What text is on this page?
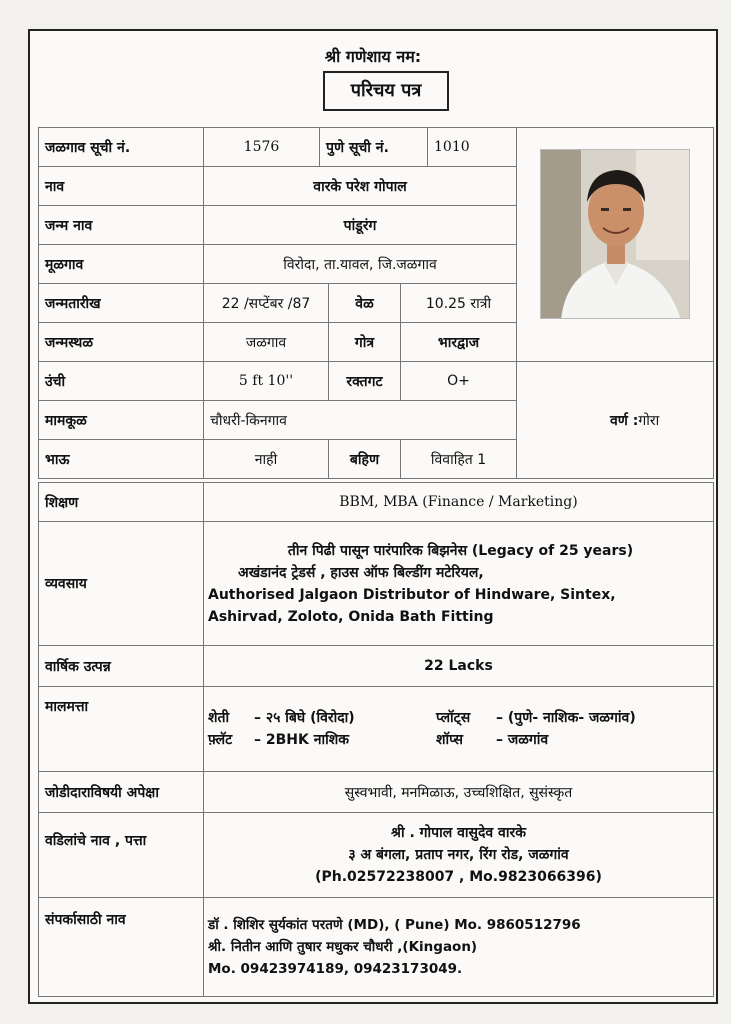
श्री गणेशाय नम:
परिचय पत्र
जळगाव सूची नं.	1576	पुणे सूची नं.	1010
नाव	वारके परेश गोपाल
जन्म नाव	पांडूरंग
मूळगाव	विरोदा, ता.यावल, जि.जळगाव
जन्मतारीख	22 /सप्टेंबर /87	वेळ	10.25 रात्री
जन्मस्थळ	जळगाव	गोत्र	भारद्वाज
उंची	5 ft 10''	रक्तगट	O+
मामकूळ	चौधरी-किनगाव
भाऊ	नाही	बहिण	विवाहित 1
वर्ण :गोरा
शिक्षण	BBM, MBA (Finance / Marketing)
व्यवसाय
तीन पिढी पासून पारंपारिक बिझनेस (Legacy of 25 years)
अखंडानंद ट्रेडर्स , हाउस ऑफ बिल्डींग मटेरियल,
Authorised Jalgaon Distributor of Hindware, Sintex,
Ashirvad, Zoloto, Onida Bath Fitting
वार्षिक उत्पन्न	22 Lacks
मालमत्ता
शेती	– २५ बिघे (विरोदा)	प्लॉट्स	– (पुणे- नाशिक- जळगांव)
फ़्लॅट	– 2BHK नाशिक	शॉप्स	– जळगांव
जोडीदाराविषयी अपेक्षा	सुस्वभावी, मनमिळाऊ, उच्चशिक्षित, सुसंस्कृत
वडिलांचे नाव , पत्ता	श्री . गोपाल वासुदेव वारके
३ अ बंगला, प्रताप नगर, रिंग रोड, जळगांव
(Ph.02572238007 , Mo.9823066396)
संपर्कासाठी नाव	डॉ . शिशिर सुर्यकांत परतणे (MD), ( Pune) Mo. 9860512796
श्री. नितीन आणि तुषार मधुकर चौधरी ,(Kingaon)
Mo. 09423974189, 09423173049.
